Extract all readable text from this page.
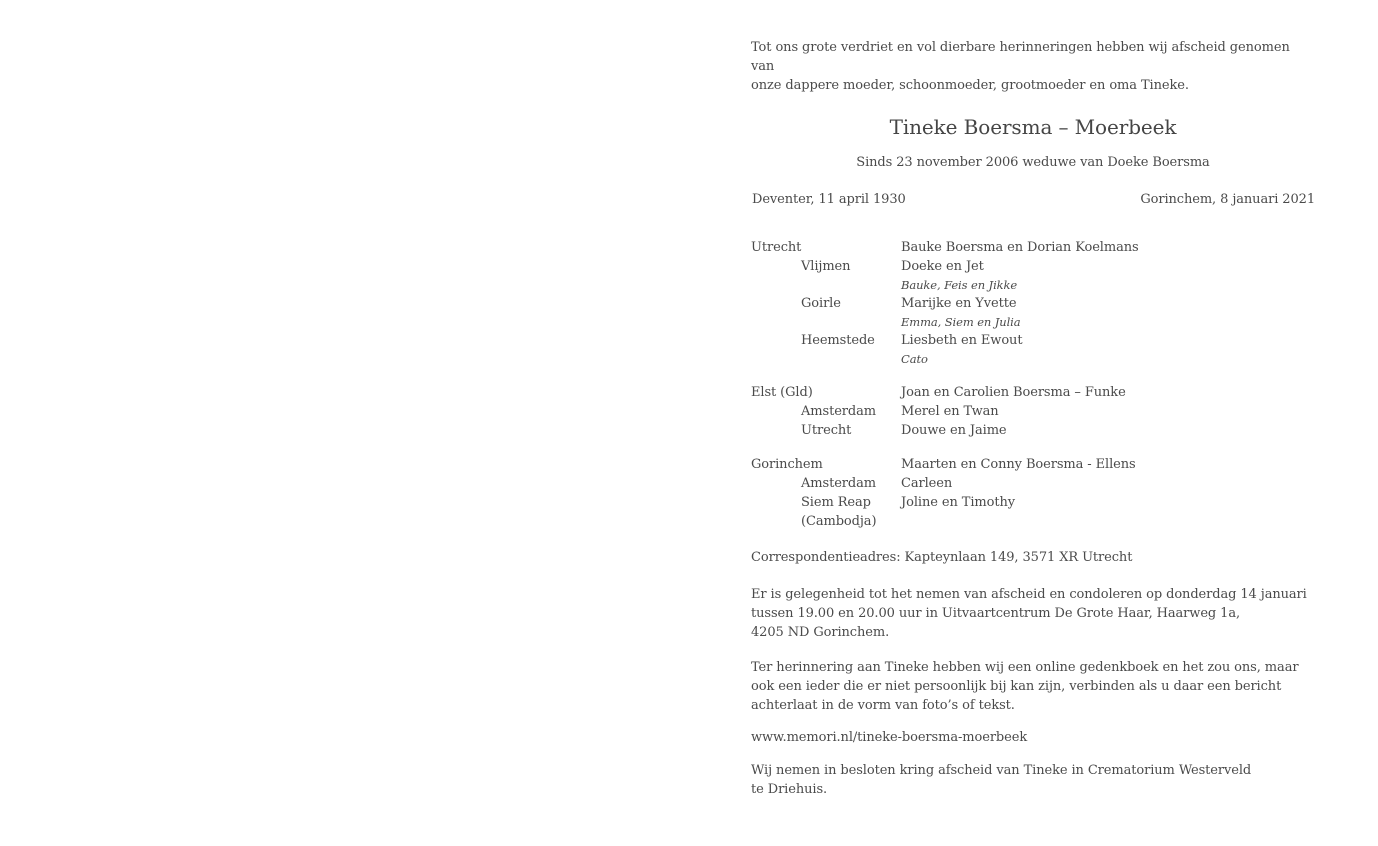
Tot ons grote verdriet en vol dierbare herinneringen hebben wij afscheid genomen van
onze dappere moeder, schoonmoeder, grootmoeder en oma Tineke.

Tineke Boersma – Moerbeek
Sinds 23 november 2006 weduwe van Doeke Boersma
Deventer, 11 april 1930	Gorinchem, 8 januari 2021
Utrecht	Bauke Boersma en Dorian Koelmans
Vlijmen	Doeke en Jet
Bauke, Feis en Jikke
Goirle	Marijke en Yvette
Emma, Siem en Julia
Heemstede	Liesbeth en Ewout
Cato
Elst (Gld)	Joan en Carolien Boersma – Funke
Amsterdam	Merel en Twan
Utrecht	Douwe en Jaime
Gorinchem	Maarten en Conny Boersma - Ellens
Amsterdam	Carleen
Siem Reap	Joline en Timothy
(Cambodja)
Correspondentieadres: Kapteynlaan 149, 3571 XR Utrecht

Er is gelegenheid tot het nemen van afscheid en condoleren op donderdag 14 januari
tussen 19.00 en 20.00 uur in Uitvaartcentrum De Grote Haar, Haarweg 1a,
4205 ND Gorinchem.

Ter herinnering aan Tineke hebben wij een online gedenkboek en het zou ons, maar
ook een ieder die er niet persoonlijk bij kan zijn, verbinden als u daar een bericht
achterlaat in de vorm van foto’s of tekst.

www.memori.nl/tineke-boersma-moerbeek

Wij nemen in besloten kring afscheid van Tineke in Crematorium Westerveld
te Driehuis.
